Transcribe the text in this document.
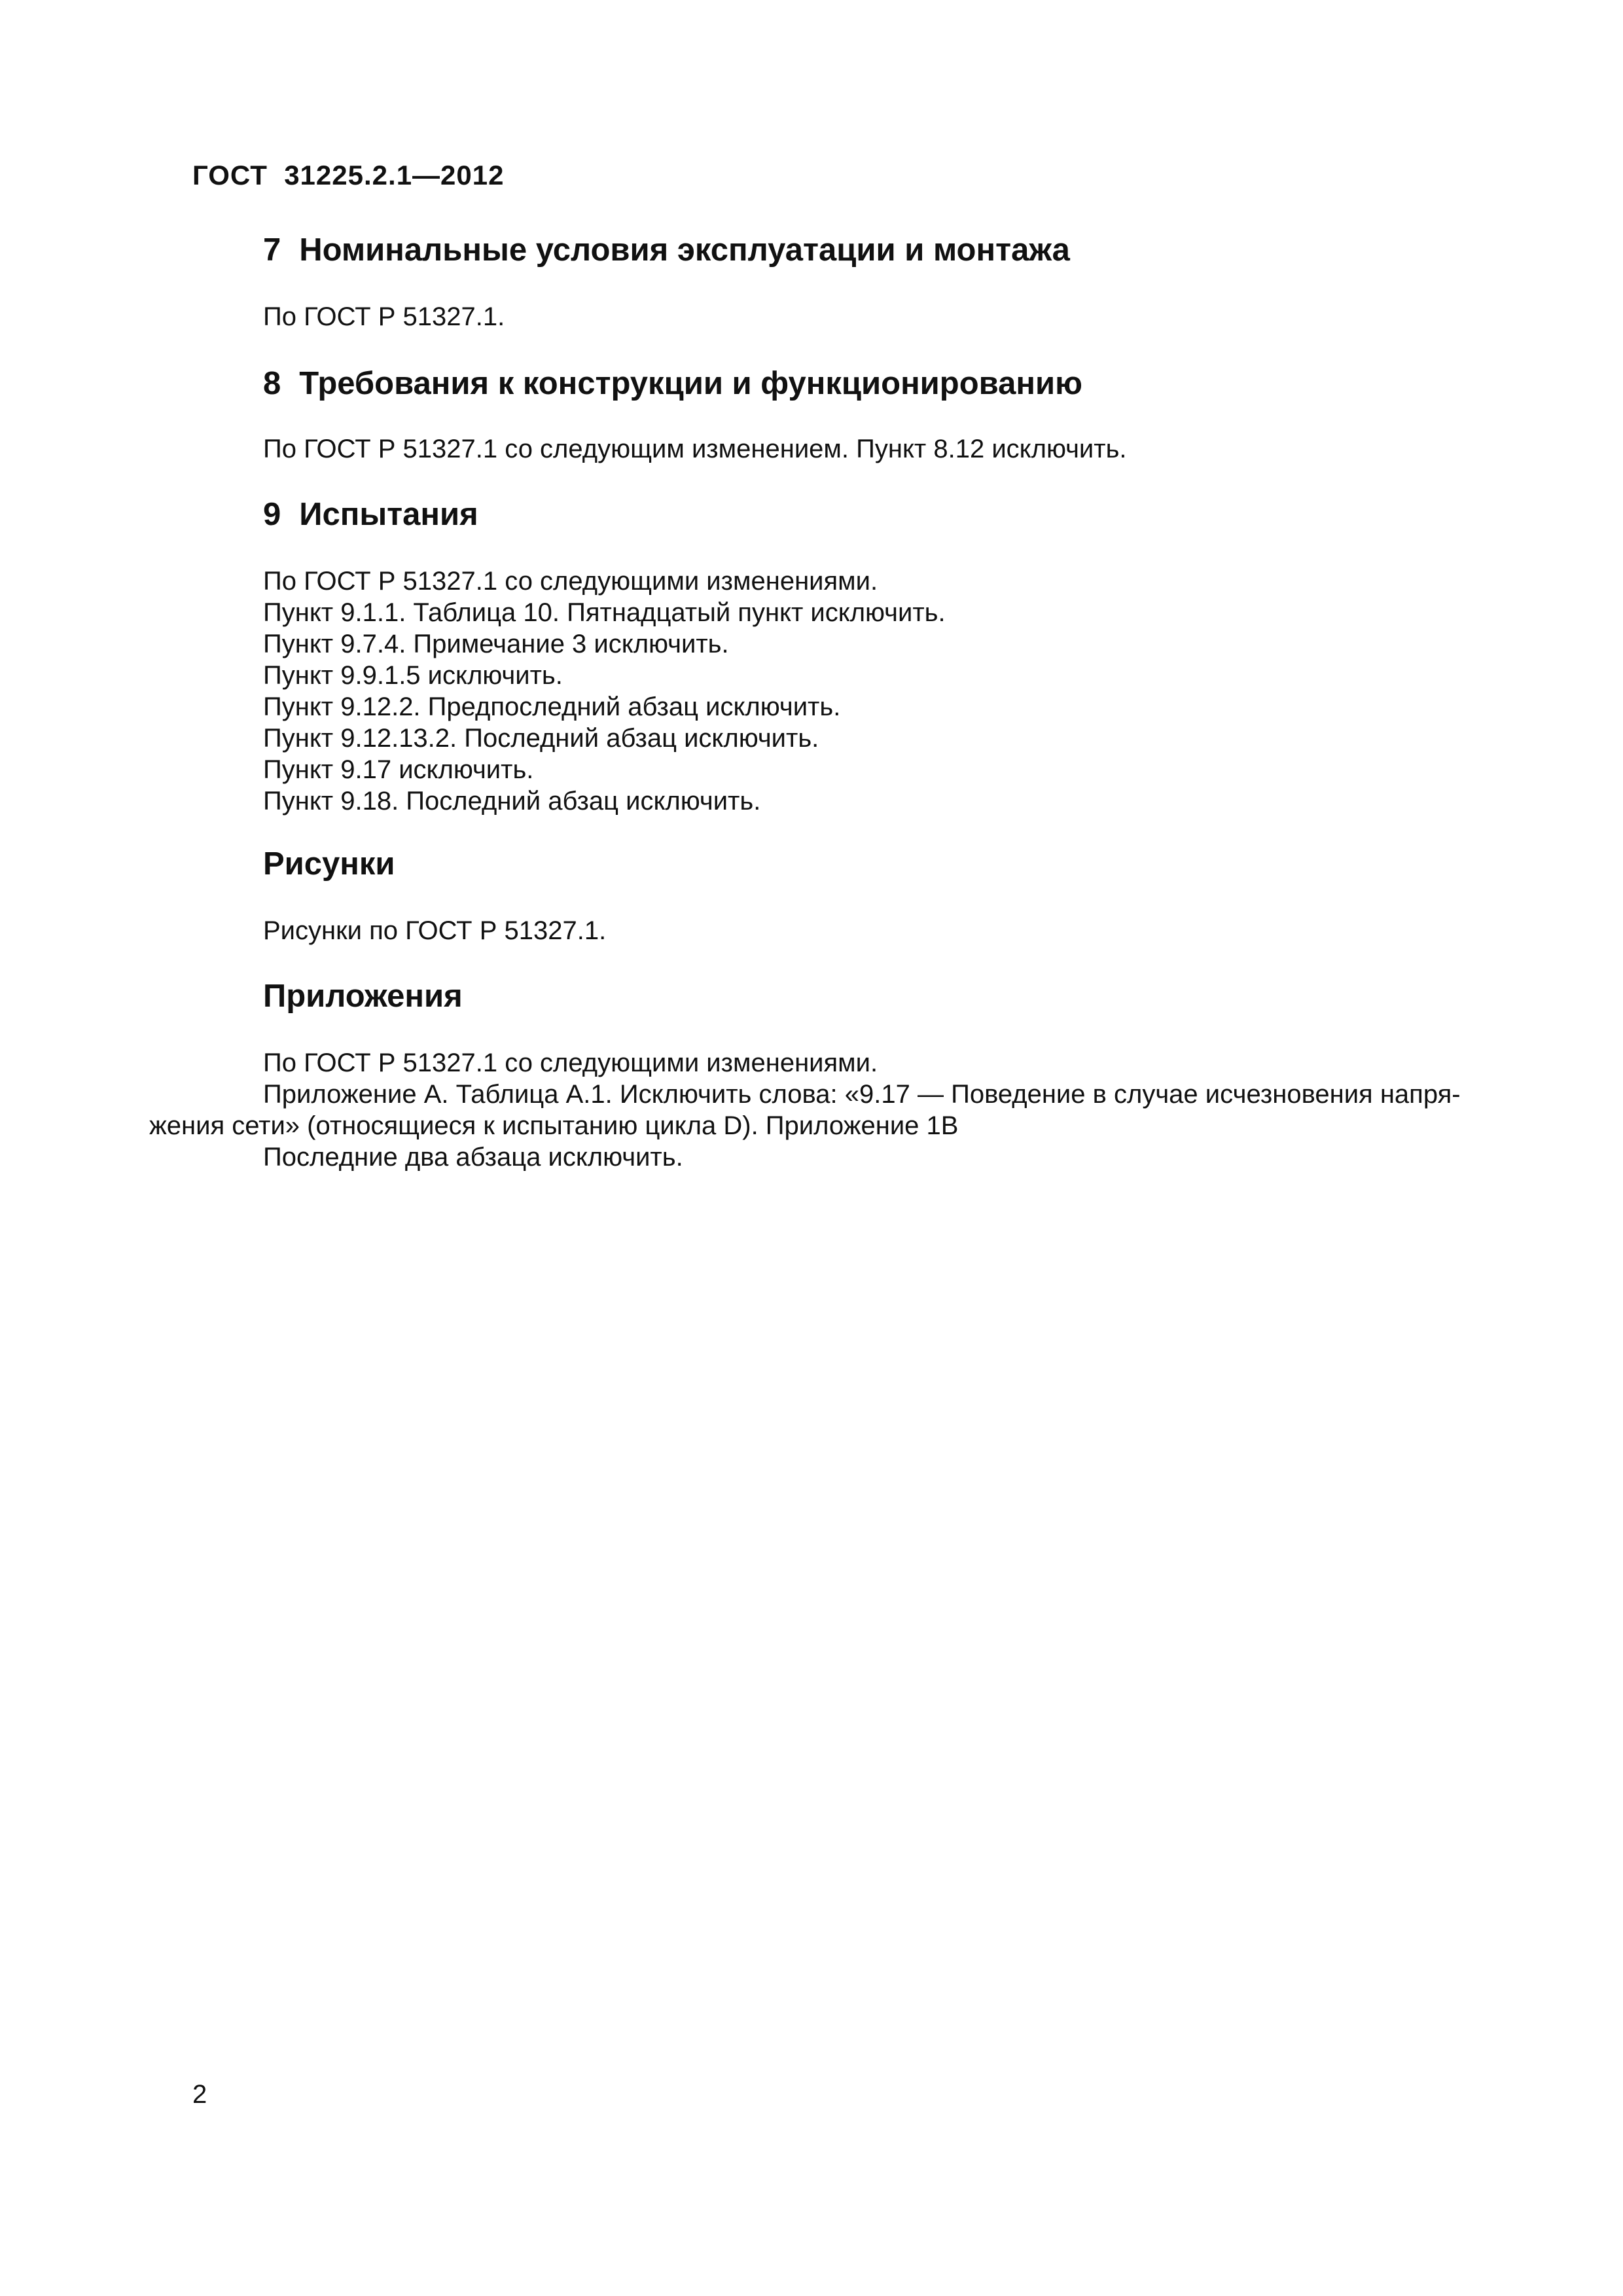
ГОСТ  31225.2.1—2012
7 Номинальные условия эксплуатации и монтажа
По ГОСТ Р 51327.1.
8 Требования к конструкции и функционированию
По ГОСТ Р 51327.1 со следующим изменением. Пункт 8.12 исключить.
9 Испытания
По ГОСТ Р 51327.1 со следующими изменениями.
Пункт 9.1.1. Таблица 10. Пятнадцатый пункт исключить.
Пункт 9.7.4. Примечание 3 исключить.
Пункт 9.9.1.5 исключить.
Пункт 9.12.2. Предпоследний абзац исключить.
Пункт 9.12.13.2. Последний абзац исключить.
Пункт 9.17 исключить.
Пункт 9.18. Последний абзац исключить.
Рисунки
Рисунки по ГОСТ Р 51327.1.
Приложения
По ГОСТ Р 51327.1 со следующими изменениями.
Приложение А. Таблица А.1. Исключить слова: «9.17 — Поведение в случае исчезновения напря-
жения сети» (относящиеся к испытанию цикла D). Приложение 1В
Последние два абзаца исключить.
2
